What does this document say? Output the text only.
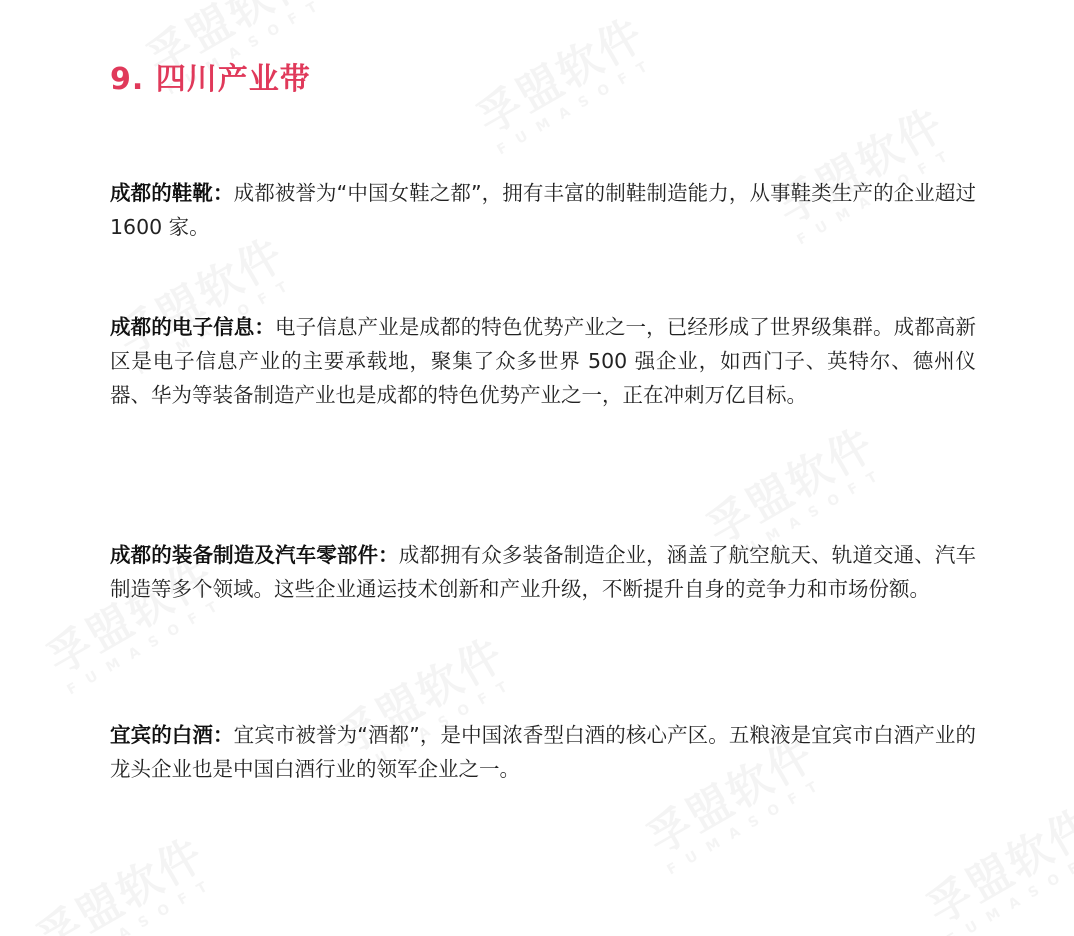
9. 四川产业带

成都的鞋靴：成都被誉为“中国女鞋之都”，拥有丰富的制鞋制造能力，从事鞋类生产的企业超过 1600 家。

成都的电子信息：电子信息产业是成都的特色优势产业之一，已经形成了世界级集群。成都高新区是电子信息产业的主要承载地，聚集了众多世界 500 强企业，如西门子、英特尔、德州仪器、华为等装备制造产业也是成都的特色优势产业之一，正在冲刺万亿目标。

成都的装备制造及汽车零部件：成都拥有众多装备制造企业，涵盖了航空航天、轨道交通、汽车制造等多个领域。这些企业通运技术创新和产业升级，不断提升自身的竞争力和市场份额。

宜宾的白酒：宜宾市被誉为“酒都”，是中国浓香型白酒的核心产区。五粮液是宜宾市白酒产业的龙头企业也是中国白酒行业的领军企业之一。
